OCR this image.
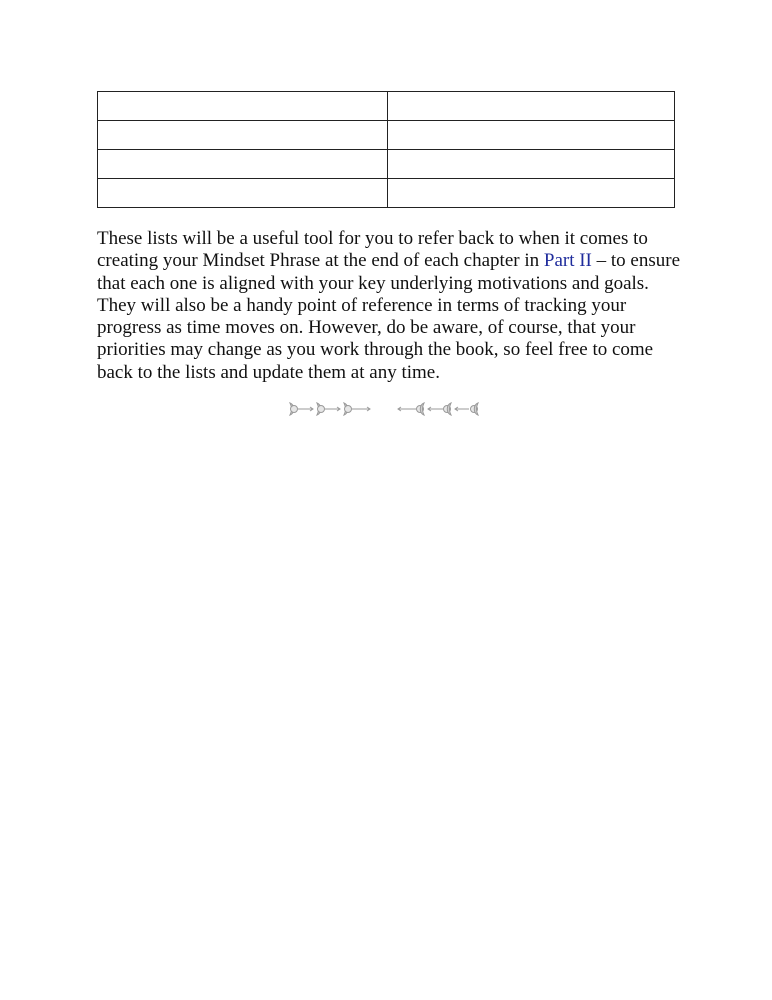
These lists will be a useful tool for you to refer back to when it comes to creating your Mindset Phrase at the end of each chapter in Part II – to ensure that each one is aligned with your key underlying motivations and goals. They will also be a handy point of reference in terms of tracking your progress as time moves on. However, do be aware, of course, that your priorities may change as you work through the book, so feel free to come back to the lists and update them at any time.
